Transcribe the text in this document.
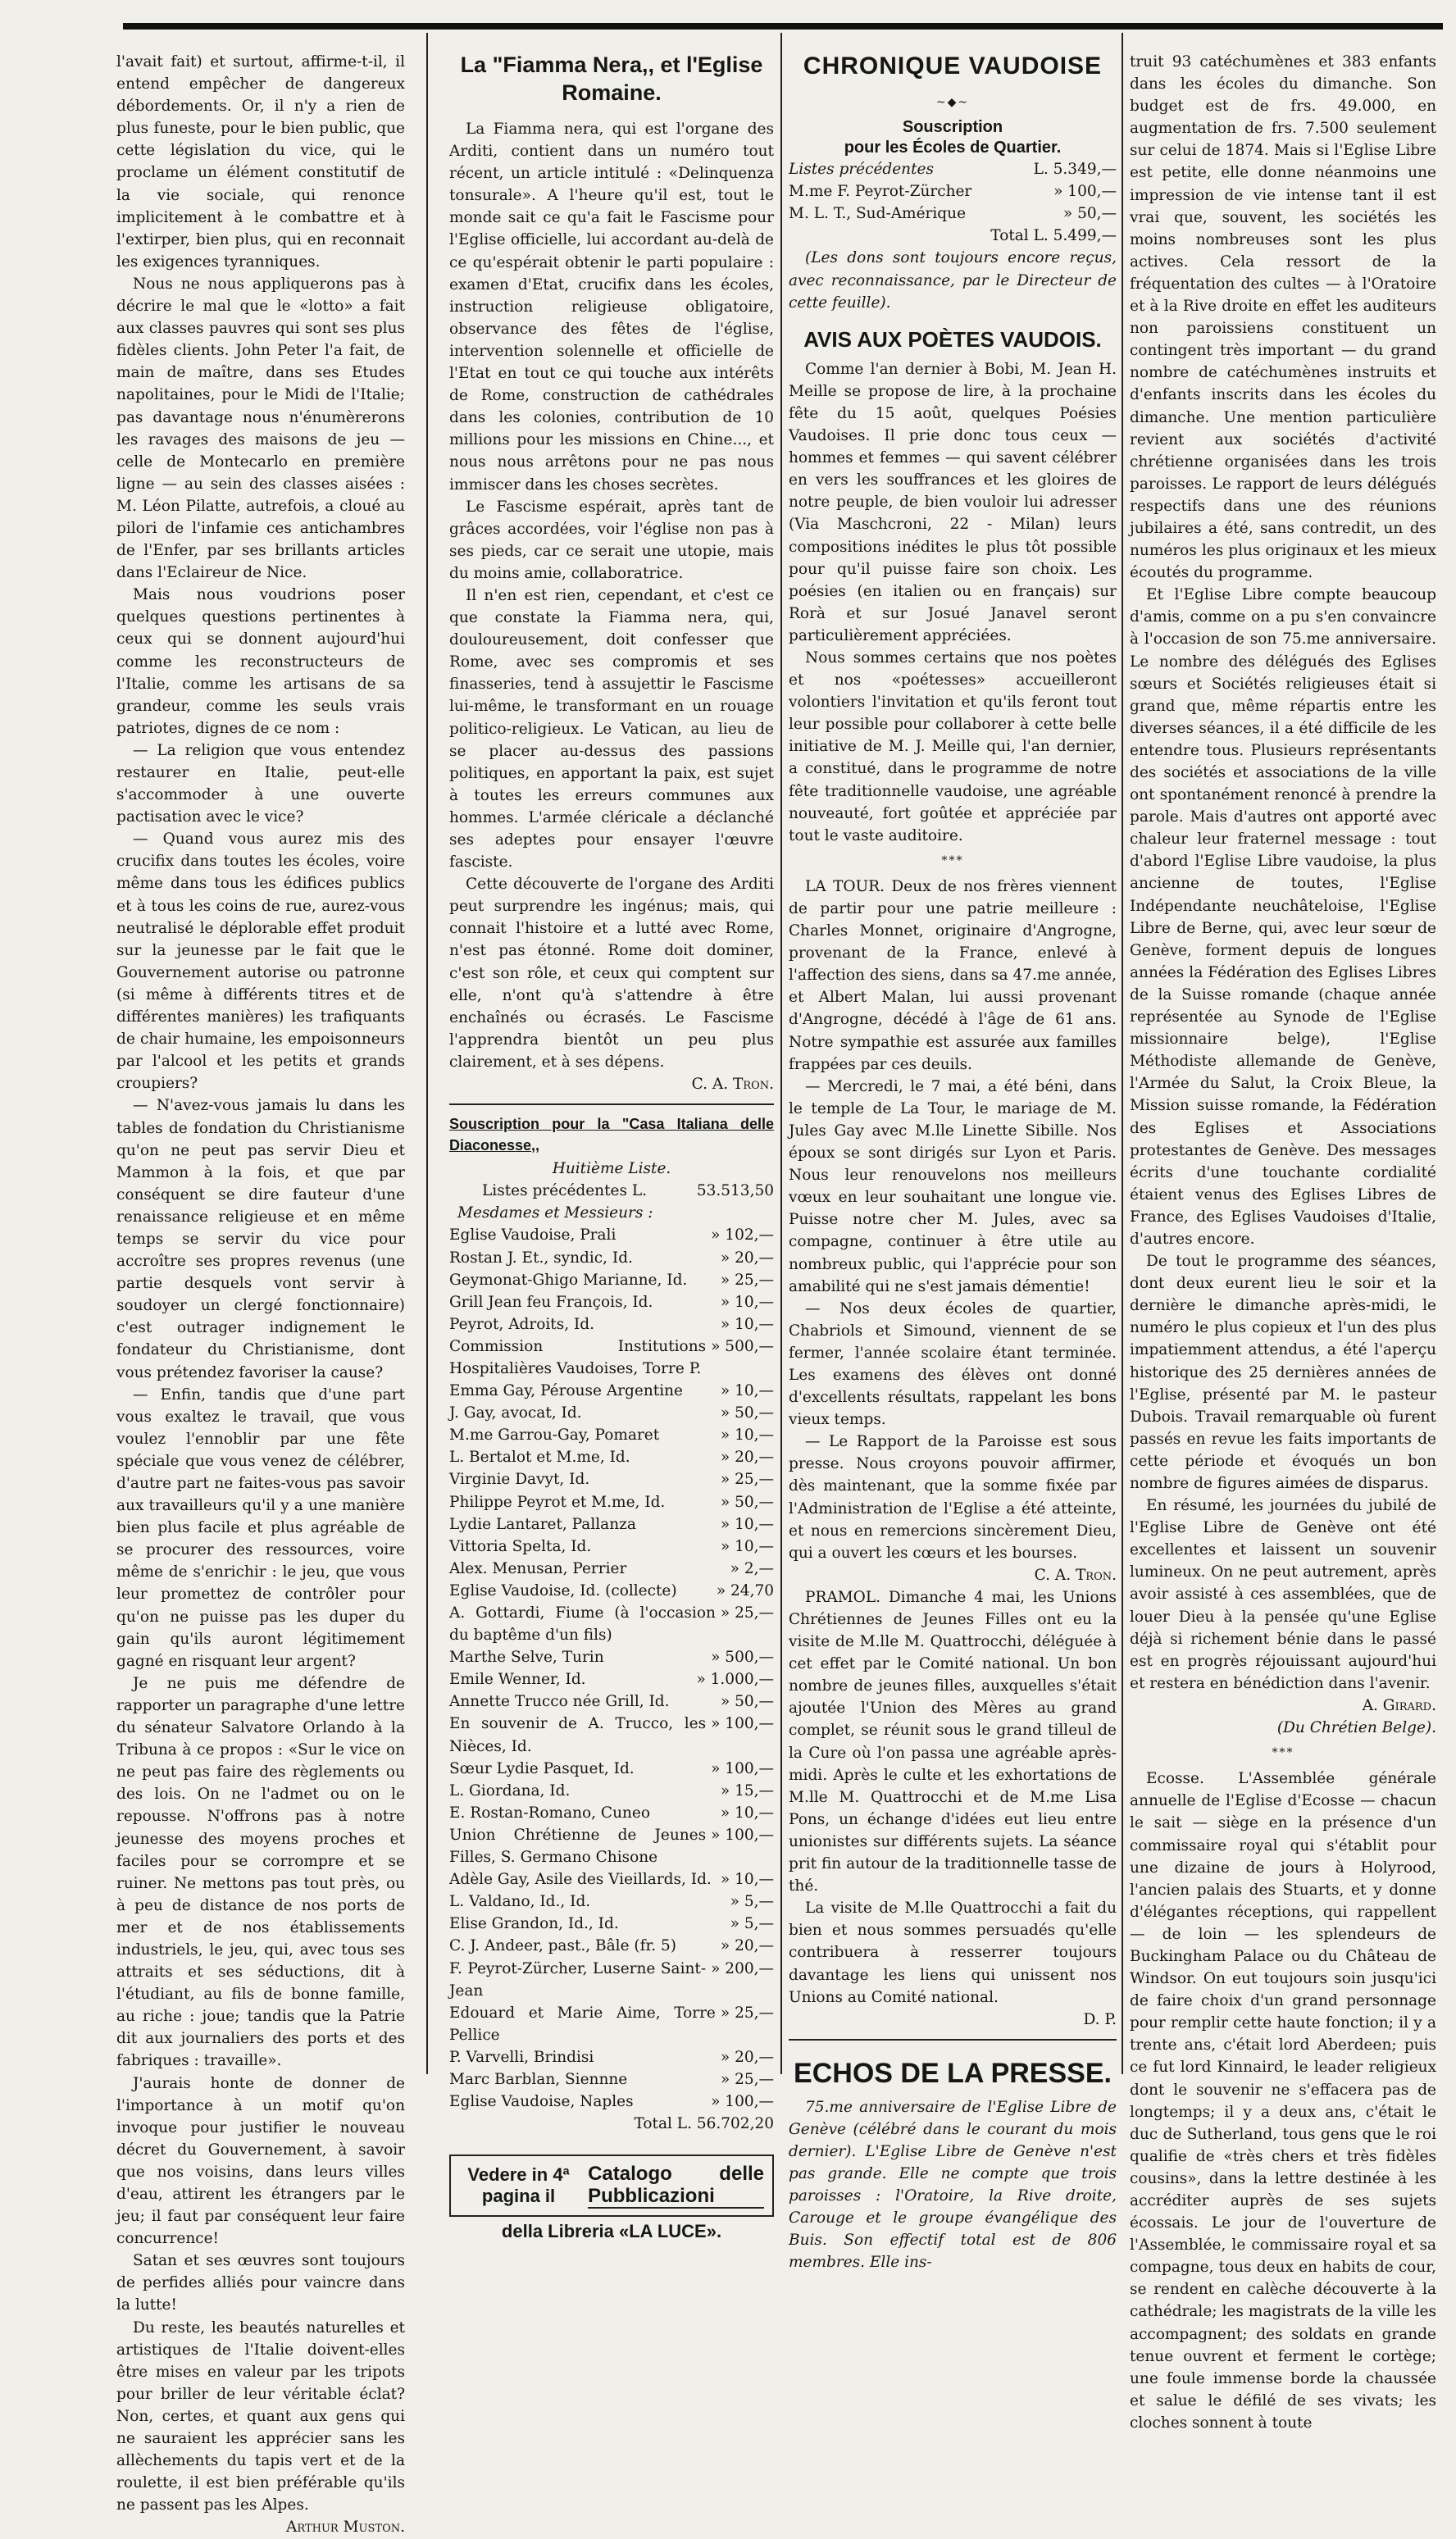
l'avait fait) et surtout, affirme-t-il, il entend empêcher de dangereux débordements. Or, il n'y a rien de plus funeste, pour le bien public, que cette législation du vice, qui le proclame un élément constitutif de la vie sociale, qui renonce implicitement à le combattre et à l'extirper, bien plus, qui en reconnait les exigences tyranniques.

Nous ne nous appliquerons pas à décrire le mal que le «lotto» a fait aux classes pauvres qui sont ses plus fidèles clients. John Peter l'a fait, de main de maître, dans ses Etudes napolitaines, pour le Midi de l'Italie; pas davantage nous n'énumèrerons les ravages des maisons de jeu — celle de Montecarlo en première ligne — au sein des classes aisées : M. Léon Pilatte, autrefois, a cloué au pilori de l'infamie ces antichambres de l'Enfer, par ses brillants articles dans l'Eclaireur de Nice.

Mais nous voudrions poser quelques questions pertinentes à ceux qui se donnent aujourd'hui comme les reconstructeurs de l'Italie, comme les artisans de sa grandeur, comme les seuls vrais patriotes, dignes de ce nom :

— La religion que vous entendez restaurer en Italie, peut-elle s'accommoder à une ouverte pactisation avec le vice?

— Quand vous aurez mis des crucifix dans toutes les écoles, voire même dans tous les édifices publics et à tous les coins de rue, aurez-vous neutralisé le déplorable effet produit sur la jeunesse par le fait que le Gouvernement autorise ou patronne (si même à différents titres et de différentes manières) les trafiquants de chair humaine, les empoisonneurs par l'alcool et les petits et grands croupiers?

— N'avez-vous jamais lu dans les tables de fondation du Christianisme qu'on ne peut pas servir Dieu et Mammon à la fois, et que par conséquent se dire fauteur d'une renaissance religieuse et en même temps se servir du vice pour accroître ses propres revenus (une partie desquels vont servir à soudoyer un clergé fonctionnaire) c'est outrager indignement le fondateur du Christianisme, dont vous prétendez favoriser la cause?

— Enfin, tandis que d'une part vous exaltez le travail, que vous voulez l'ennoblir par une fête spéciale que vous venez de célébrer, d'autre part ne faites-vous pas savoir aux travailleurs qu'il y a une manière bien plus facile et plus agréable de se procurer des ressources, voire même de s'enrichir : le jeu, que vous leur promettez de contrôler pour qu'on ne puisse pas les duper du gain qu'ils auront légitimement gagné en risquant leur argent?

Je ne puis me défendre de rapporter un paragraphe d'une lettre du sénateur Salvatore Orlando à la Tribuna à ce propos : «Sur le vice on ne peut pas faire des règlements ou des lois. On ne l'admet ou on le repousse. N'offrons pas à notre jeunesse des moyens proches et faciles pour se corrompre et se ruiner. Ne mettons pas tout près, ou à peu de distance de nos ports de mer et de nos établissements industriels, le jeu, qui, avec tous ses attraits et ses séductions, dit à l'étudiant, au fils de bonne famille, au riche : joue; tandis que la Patrie dit aux journaliers des ports et des fabriques : travaille».

J'aurais honte de donner de l'importance à un motif qu'on invoque pour justifier le nouveau décret du Gouvernement, à savoir que nos voisins, dans leurs villes d'eau, attirent les étrangers par le jeu; il faut par conséquent leur faire concurrence!

Satan et ses œuvres sont toujours de perfides alliés pour vaincre dans la lutte!

Du reste, les beautés naturelles et artistiques de l'Italie doivent-elles être mises en valeur par les tripots pour briller de leur véritable éclat? Non, certes, et quant aux gens qui ne sauraient les apprécier sans les allèchements du tapis vert et de la roulette, il est bien préférable qu'ils ne passent pas les Alpes.

Arthur Muston.

La "Fiamma Nera,, et l'Eglise Romaine.

La Fiamma nera, qui est l'organe des Arditi, contient dans un numéro tout récent, un article intitulé : «Delinquenza tonsurale». A l'heure qu'il est, tout le monde sait ce qu'a fait le Fascisme pour l'Eglise officielle, lui accordant au-delà de ce qu'espérait obtenir le parti populaire : examen d'Etat, crucifix dans les écoles, instruction religieuse obligatoire, observance des fêtes de l'église, intervention solennelle et officielle de l'Etat en tout ce qui touche aux intérêts de Rome, construction de cathédrales dans les colonies, contribution de 10 millions pour les missions en Chine..., et nous nous arrêtons pour ne pas nous immiscer dans les choses secrètes.

Le Fascisme espérait, après tant de grâces accordées, voir l'église non pas à ses pieds, car ce serait une utopie, mais du moins amie, collaboratrice.

Il n'en est rien, cependant, et c'est ce que constate la Fiamma nera, qui, douloureusement, doit confesser que Rome, avec ses compromis et ses finasseries, tend à assujettir le Fascisme lui-même, le transformant en un rouage politico-religieux. Le Vatican, au lieu de se placer au-dessus des passions politiques, en apportant la paix, est sujet à toutes les erreurs communes aux hommes. L'armée cléricale a déclanché ses adeptes pour ensayer l'œuvre fasciste.

Cette découverte de l'organe des Arditi peut surprendre les ingénus; mais, qui connait l'histoire et a lutté avec Rome, n'est pas étonné. Rome doit dominer, c'est son rôle, et ceux qui comptent sur elle, n'ont qu'à s'attendre à être enchaînés ou écrasés. Le Fascisme l'apprendra bientôt un peu plus clairement, et à ses dépens.

C. A. Tron.

Souscription pour la "Casa Italiana delle Diaconesse,,
Huitième Liste.
Listes précédentes L.	53.513,50
Mesdames et Messieurs :
Eglise Vaudoise, Prali	» 102,—
Rostan J. Et., syndic, Id.	» 20,—
Geymonat-Ghigo Marianne, Id.	» 25,—
Grill Jean feu François, Id.	» 10,—
Peyrot, Adroits, Id.	» 10,—
Commission Institutions Hospitalières Vaudoises, Torre P.
» 500,—
Emma Gay, Pérouse Argentine	» 10,—
J. Gay, avocat, Id.	» 50,—
M.me Garrou-Gay, Pomaret	» 10,—
L. Bertalot et M.me, Id.	» 20,—
Virginie Davyt, Id.	» 25,—
Philippe Peyrot et M.me, Id.	» 50,—
Lydie Lantaret, Pallanza	» 10,—
Vittoria Spelta, Id.	» 10,—
Alex. Menusan, Perrier	» 2,—
Eglise Vaudoise, Id. (collecte)	» 24,70
A. Gottardi, Fiume (à l'occasion du baptême d'un fils)
» 25,—
Marthe Selve, Turin	» 500,—
Emile Wenner, Id.	» 1.000,—
Annette Trucco née Grill, Id.	» 50,—
En souvenir de A. Trucco, les Nièces, Id.
» 100,—
Sœur Lydie Pasquet, Id.	» 100,—
L. Giordana, Id.	» 15,—
E. Rostan-Romano, Cuneo	» 10,—
Union Chrétienne de Jeunes Filles, S. Germano Chisone
» 100,—
Adèle Gay, Asile des Vieillards, Id. » 10,—
L. Valdano, Id., Id.	» 5,—
Elise Grandon, Id., Id.	» 5,—
C. J. Andeer, past., Bâle (fr. 5)	» 20,—
F. Peyrot-Zürcher, Luserne Saint-Jean
» 200,—
Edouard et Marie Aime, Torre Pellice
» 25,—
P. Varvelli, Brindisi	» 20,—
Marc Barblan, Siennne	» 25,—
Eglise Vaudoise, Naples	» 100,—
Total L. 56.702,20
Vedere in 4ª pagina il
Catalogo delle Pubblicazioni
della Libreria «LA LUCE».
CHRONIQUE VAUDOISE
~◆~
Souscription
pour les Écoles de Quartier.
Listes précédentes	L. 5.349,—
M.me F. Peyrot-Zürcher	» 100,—
M. L. T., Sud-Amérique	» 50,—
Total L. 5.499,—

(Les dons sont toujours encore reçus, avec reconnaissance, par le Directeur de cette feuille).

AVIS AUX POÈTES VAUDOIS.

Comme l'an dernier à Bobi, M. Jean H. Meille se propose de lire, à la prochaine fête du 15 août, quelques Poésies Vaudoises. Il prie donc tous ceux — hommes et femmes — qui savent célébrer en vers les souffrances et les gloires de notre peuple, de bien vouloir lui adresser (Via Maschcroni, 22 - Milan) leurs compositions inédites le plus tôt possible pour qu'il puisse faire son choix. Les poésies (en italien ou en français) sur Rorà et sur Josué Janavel seront particulièrement appréciées.

Nous sommes certains que nos poètes et nos «poétesses» accueilleront volontiers l'invitation et qu'ils feront tout leur possible pour collaborer à cette belle initiative de M. J. Meille qui, l'an dernier, a constitué, dans le programme de notre fête traditionnelle vaudoise, une agréable nouveauté, fort goûtée et appréciée par tout le vaste auditoire.

***

LA TOUR. Deux de nos frères viennent de partir pour une patrie meilleure : Charles Monnet, originaire d'Angrogne, provenant de la France, enlevé à l'affection des siens, dans sa 47.me année, et Albert Malan, lui aussi provenant d'Angrogne, décédé à l'âge de 61 ans. Notre sympathie est assurée aux familles frappées par ces deuils.

— Mercredi, le 7 mai, a été béni, dans le temple de La Tour, le mariage de M. Jules Gay avec M.lle Linette Sibille. Nos époux se sont dirigés sur Lyon et Paris. Nous leur renouvelons nos meilleurs vœux en leur souhaitant une longue vie. Puisse notre cher M. Jules, avec sa compagne, continuer à être utile au nombreux public, qui l'apprécie pour son amabilité qui ne s'est jamais démentie!

— Nos deux écoles de quartier, Chabriols et Simound, viennent de se fermer, l'année scolaire étant terminée. Les examens des élèves ont donné d'excellents résultats, rappelant les bons vieux temps.

— Le Rapport de la Paroisse est sous presse. Nous croyons pouvoir affirmer, dès maintenant, que la somme fixée par l'Administration de l'Eglise a été atteinte, et nous en remercions sincèrement Dieu, qui a ouvert les cœurs et les bourses.

C. A. Tron.

PRAMOL. Dimanche 4 mai, les Unions Chrétiennes de Jeunes Filles ont eu la visite de M.lle M. Quattrocchi, déléguée à cet effet par le Comité national. Un bon nombre de jeunes filles, auxquelles s'était ajoutée l'Union des Mères au grand complet, se réunit sous le grand tilleul de la Cure où l'on passa une agréable après-midi. Après le culte et les exhortations de M.lle M. Quattrocchi et de M.me Lisa Pons, un échange d'idées eut lieu entre unionistes sur différents sujets. La séance prit fin autour de la traditionnelle tasse de thé.

La visite de M.lle Quattrocchi a fait du bien et nous sommes persuadés qu'elle contribuera à resserrer toujours davantage les liens qui unissent nos Unions au Comité national.

D. P.

ECHOS DE LA PRESSE.

75.me anniversaire de l'Eglise Libre de Genève (célébré dans le courant du mois dernier). L'Eglise Libre de Genève n'est pas grande. Elle ne compte que trois paroisses : l'Oratoire, la Rive droite, Carouge et le groupe évangélique des Buis. Son effectif total est de 806 membres. Elle ins-

truit 93 catéchumènes et 383 enfants dans les écoles du dimanche. Son budget est de frs. 49.000, en augmentation de frs. 7.500 seulement sur celui de 1874. Mais si l'Eglise Libre est petite, elle donne néanmoins une impression de vie intense tant il est vrai que, souvent, les sociétés les moins nombreuses sont les plus actives. Cela ressort de la fréquentation des cultes — à l'Oratoire et à la Rive droite en effet les auditeurs non paroissiens constituent un contingent très important — du grand nombre de catéchumènes instruits et d'enfants inscrits dans les écoles du dimanche. Une mention particulière revient aux sociétés d'activité chrétienne organisées dans les trois paroisses. Le rapport de leurs délégués respectifs dans une des réunions jubilaires a été, sans contredit, un des numéros les plus originaux et les mieux écoutés du programme.

Et l'Eglise Libre compte beaucoup d'amis, comme on a pu s'en convaincre à l'occasion de son 75.me anniversaire. Le nombre des délégués des Eglises sœurs et Sociétés religieuses était si grand que, même répartis entre les diverses séances, il a été difficile de les entendre tous. Plusieurs représentants des sociétés et associations de la ville ont spontanément renoncé à prendre la parole. Mais d'autres ont apporté avec chaleur leur fraternel message : tout d'abord l'Eglise Libre vaudoise, la plus ancienne de toutes, l'Eglise Indépendante neuchâteloise, l'Eglise Libre de Berne, qui, avec leur sœur de Genève, forment depuis de longues années la Fédération des Eglises Libres de la Suisse romande (chaque année représentée au Synode de l'Eglise missionnaire belge), l'Eglise Méthodiste allemande de Genève, l'Armée du Salut, la Croix Bleue, la Mission suisse romande, la Fédération des Eglises et Associations protestantes de Genève. Des messages écrits d'une touchante cordialité étaient venus des Eglises Libres de France, des Eglises Vaudoises d'Italie, d'autres encore.

De tout le programme des séances, dont deux eurent lieu le soir et la dernière le dimanche après-midi, le numéro le plus copieux et l'un des plus impatiemment attendus, a été l'aperçu historique des 25 dernières années de l'Eglise, présenté par M. le pasteur Dubois. Travail remarquable où furent passés en revue les faits importants de cette période et évoqués un bon nombre de figures aimées de disparus.

En résumé, les journées du jubilé de l'Eglise Libre de Genève ont été excellentes et laissent un souvenir lumineux. On ne peut autrement, après avoir assisté à ces assemblées, que de louer Dieu à la pensée qu'une Eglise déjà si richement bénie dans le passé est en progrès réjouissant aujourd'hui et restera en bénédiction dans l'avenir.

A. Girard.

(Du Chrétien Belge).

***

Ecosse. L'Assemblée générale annuelle de l'Eglise d'Ecosse — chacun le sait — siège en la présence d'un commissaire royal qui s'établit pour une dizaine de jours à Holyrood, l'ancien palais des Stuarts, et y donne d'élégantes réceptions, qui rappellent — de loin — les splendeurs de Buckingham Palace ou du Château de Windsor. On eut toujours soin jusqu'ici de faire choix d'un grand personnage pour remplir cette haute fonction; il y a trente ans, c'était lord Aberdeen; puis ce fut lord Kinnaird, le leader religieux dont le souvenir ne s'effacera pas de longtemps; il y a deux ans, c'était le duc de Sutherland, tous gens que le roi qualifie de «très chers et très fidèles cousins», dans la lettre destinée à les accréditer auprès de ses sujets écossais. Le jour de l'ouverture de l'Assemblée, le commissaire royal et sa compagne, tous deux en habits de cour, se rendent en calèche découverte à la cathédrale; les magistrats de la ville les accompagnent; des soldats en grande tenue ouvrent et ferment le cortège; une foule immense borde la chaussée et salue le défilé de ses vivats; les cloches sonnent à toute
